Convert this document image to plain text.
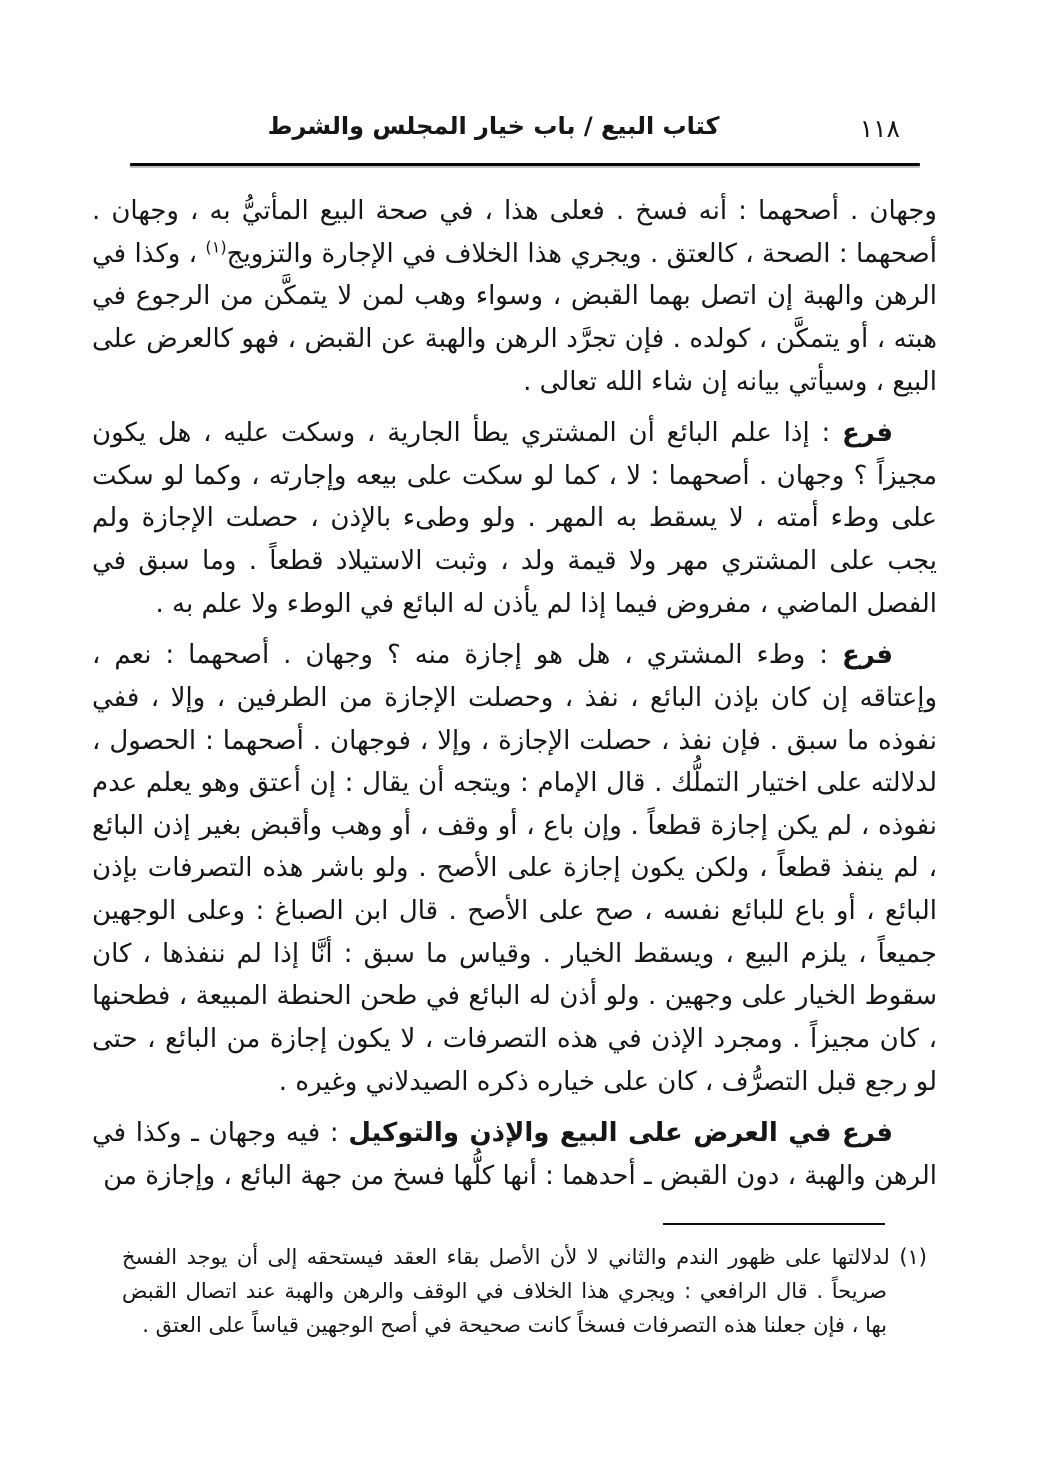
كتاب البيع / باب خيار المجلس والشرط	١١٨

وجهان . أصحهما : أنه فسخ . فعلى هذا ، في صحة البيع المأتيُّ به ، وجهان . أصحهما : الصحة ، كالعتق . ويجري هذا الخلاف في الإجارة والتزويج$^{(١)}$ ، وكذا في الرهن والهبة إن اتصل بهما القبض ، وسواء وهب لمن لا يتمكَّن من الرجوع في هبته ، أو يتمكَّن ، كولده . فإن تجرَّد الرهن والهبة عن القبض ، فهو كالعرض على البيع ، وسيأتي بيانه إن شاء الله تعالى .

فرع : إذا علم البائع أن المشتري يطأ الجارية ، وسكت عليه ، هل يكون مجيزاً ؟ وجهان . أصحهما : لا ، كما لو سكت على بيعه وإجارته ، وكما لو سكت على وطء أمته ، لا يسقط به المهر . ولو وطىء بالإذن ، حصلت الإجازة ولم يجب على المشتري مهر ولا قيمة ولد ، وثبت الاستيلاد قطعاً . وما سبق في الفصل الماضي ، مفروض فيما إذا لم يأذن له البائع في الوطء ولا علم به .

فرع : وطء المشتري ، هل هو إجازة منه ؟ وجهان . أصحهما : نعم ، وإعتاقه إن كان بإذن البائع ، نفذ ، وحصلت الإجازة من الطرفين ، وإلا ، ففي نفوذه ما سبق . فإن نفذ ، حصلت الإجازة ، وإلا ، فوجهان . أصحهما : الحصول ، لدلالته على اختيار التملُّك . قال الإمام : ويتجه أن يقال : إن أعتق وهو يعلم عدم نفوذه ، لم يكن إجازة قطعاً . وإن باع ، أو وقف ، أو وهب وأقبض بغير إذن البائع ، لم ينفذ قطعاً ، ولكن يكون إجازة على الأصح . ولو باشر هذه التصرفات بإذن البائع ، أو باع للبائع نفسه ، صح على الأصح . قال ابن الصباغ : وعلى الوجهين جميعاً ، يلزم البيع ، ويسقط الخيار . وقياس ما سبق : أنَّا إذا لم ننفذها ، كان سقوط الخيار على وجهين . ولو أذن له البائع في طحن الحنطة المبيعة ، فطحنها ، كان مجيزاً . ومجرد الإذن في هذه التصرفات ، لا يكون إجازة من البائع ، حتى لو رجع قبل التصرُّف ، كان على خياره ذكره الصيدلاني وغيره .

فرع في العرض على البيع والإذن والتوكيل : فيه وجهان ـ وكذا في الرهن والهبة ، دون القبض ـ أحدهما : أنها كلُّها فسخ من جهة البائع ، وإجازة من

(١) لدلالتها على ظهور الندم والثاني لا لأن الأصل بقاء العقد فيستحقه إلى أن يوجد الفسخ صريحاً . قال الرافعي : ويجري هذا الخلاف في الوقف والرهن والهبة عند اتصال القبض بها ، فإن جعلنا هذه التصرفات فسخاً كانت صحيحة في أصح الوجهين قياساً على العتق .
